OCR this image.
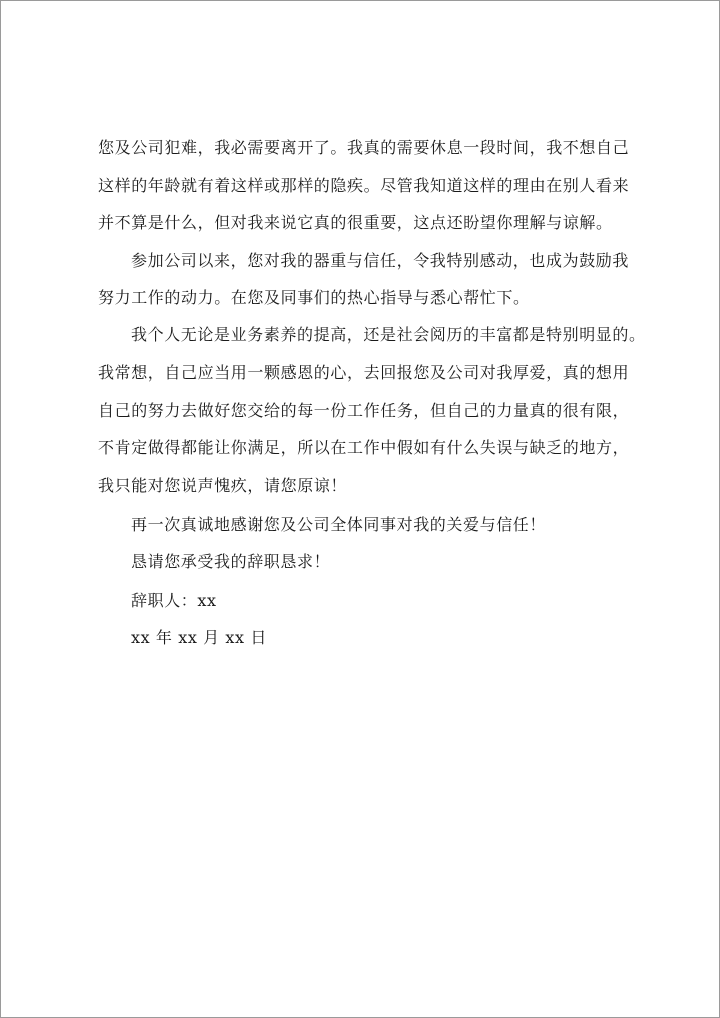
您及公司犯难，我必需要离开了。我真的需要休息一段时间，我不想自己
这样的年龄就有着这样或那样的隐疾。尽管我知道这样的理由在别人看来
并不算是什么，但对我来说它真的很重要，这点还盼望你理解与谅解。
参加公司以来，您对我的器重与信任，令我特别感动，也成为鼓励我
努力工作的动力。在您及同事们的热心指导与悉心帮忙下。
我个人无论是业务素养的提高，还是社会阅历的丰富都是特别明显的。
我常想，自己应当用一颗感恩的心，去回报您及公司对我厚爱，真的想用
自己的努力去做好您交给的每一份工作任务，但自己的力量真的很有限，
不肯定做得都能让你满足，所以在工作中假如有什么失误与缺乏的地方，
我只能对您说声愧疚，请您原谅！
再一次真诚地感谢您及公司全体同事对我的关爱与信任！
恳请您承受我的辞职恳求！
辞职人：xx
xx 年 xx 月 xx 日
